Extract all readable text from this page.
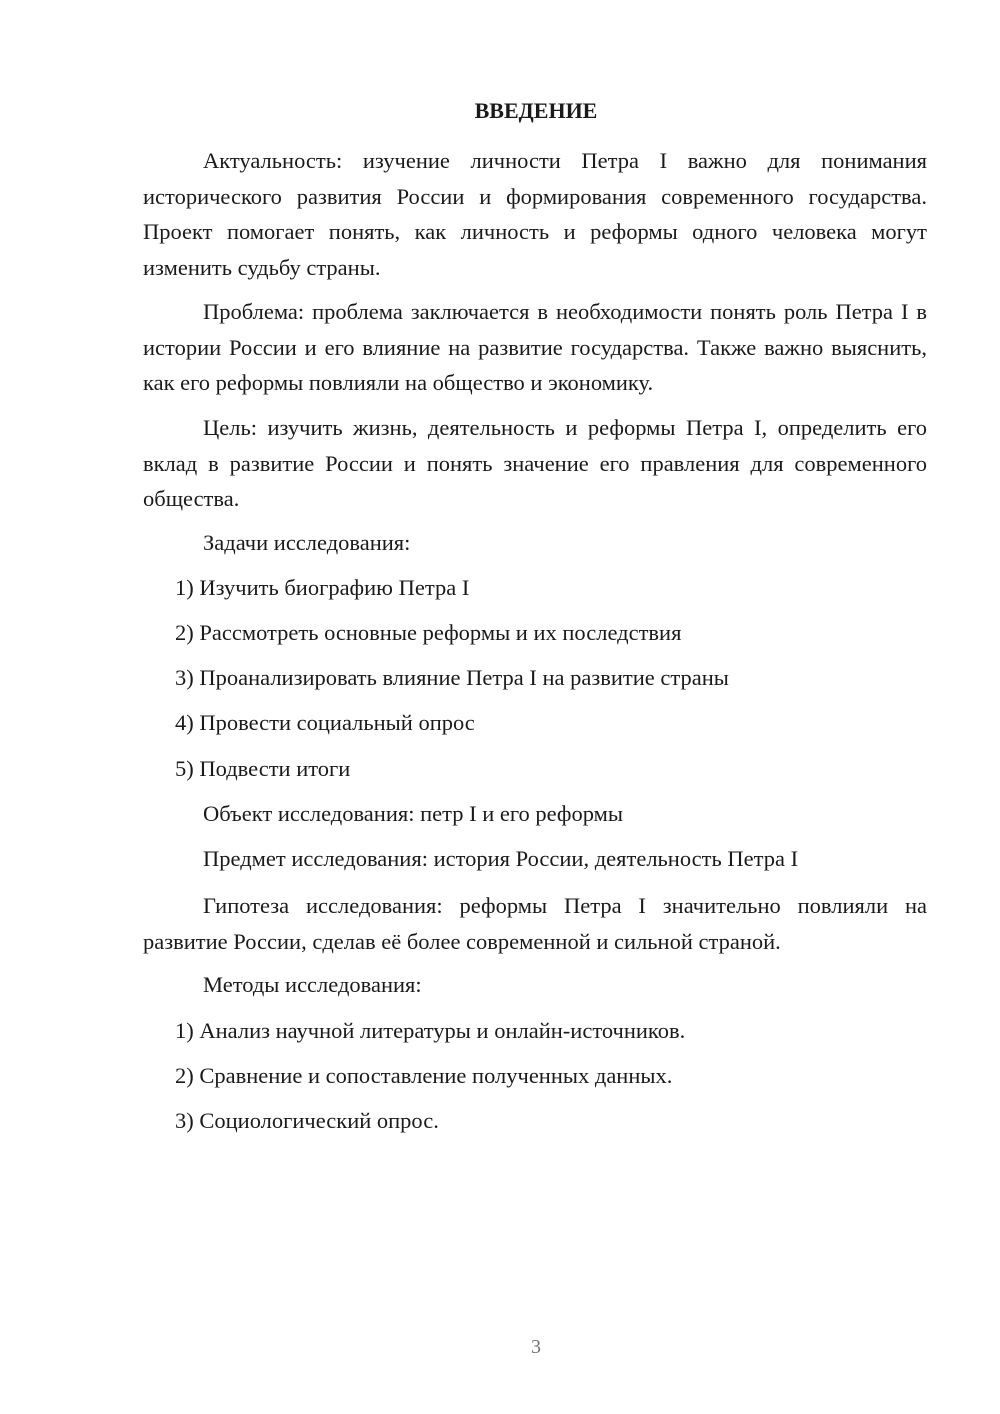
ВВЕДЕНИЕ

Актуальность: изучение личности Петра I важно для понимания исторического развития России и формирования современного государства. Проект помогает понять, как личность и реформы одного человека могут изменить судьбу страны.

Проблема: проблема заключается в необходимости понять роль Петра I в истории России и его влияние на развитие государства. Также важно выяснить, как его реформы повлияли на общество и экономику.

Цель: изучить жизнь, деятельность и реформы Петра I, определить его вклад в развитие России и понять значение его правления для современного общества.

Задачи исследования:

1) Изучить биографию Петра I

2) Рассмотреть основные реформы и их последствия

3) Проанализировать влияние Петра I на развитие страны

4) Провести социальный опрос

5) Подвести итоги

Объект исследования: петр I и его реформы

Предмет исследования: история России, деятельность Петра I

Гипотеза исследования: реформы Петра I значительно повлияли на развитие России, сделав её более современной и сильной страной.

Методы исследования:

1) Анализ научной литературы и онлайн-источников.

2) Сравнение и сопоставление полученных данных.

3) Социологический опрос.

3
